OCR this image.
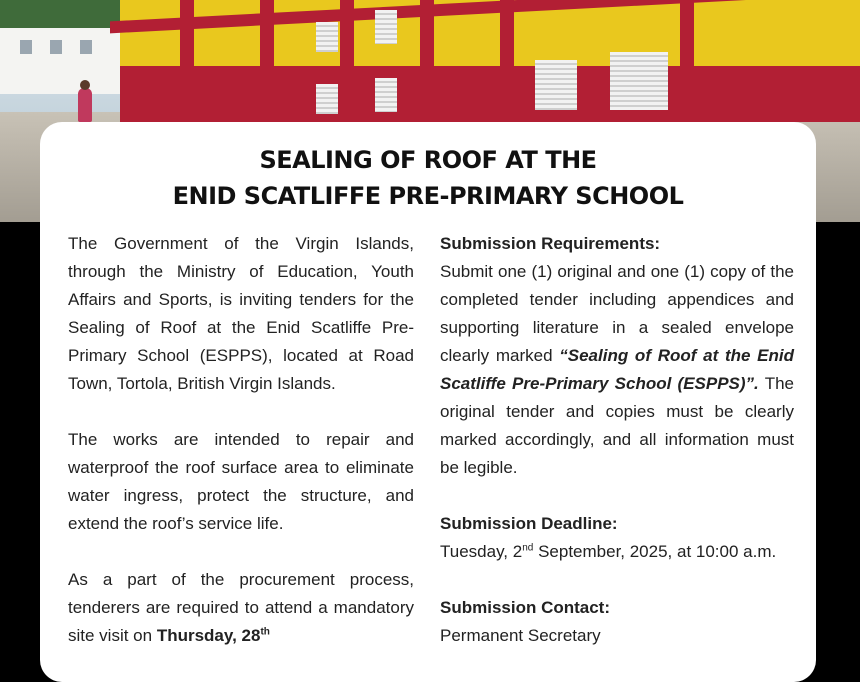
SEALING OF ROOF AT THE
ENID SCATLIFFE PRE-PRIMARY SCHOOL

The Government of the Virgin Islands, through the Ministry of Education, Youth Affairs and Sports, is inviting tenders for the Sealing of Roof at the Enid Scatliffe Pre-Primary School (ESPPS), located at Road Town, Tortola, British Virgin Islands.

The works are intended to repair and waterproof the roof surface area to eliminate water ingress, protect the structure, and extend the roof’s service life.

As a part of the procurement process, tenderers are required to attend a mandatory site visit on Thursday, 28th

Submission Requirements:

Submit one (1) original and one (1) copy of the completed tender including appendices and supporting literature in a sealed envelope clearly marked “Sealing of Roof at the Enid Scatliffe Pre-Primary School (ESPPS)”. The original tender and copies must be clearly marked accordingly, and all information must be legible.

Submission Deadline:

Tuesday, 2nd September, 2025, at 10:00 a.m.

Submission Contact:
Permanent Secretary
